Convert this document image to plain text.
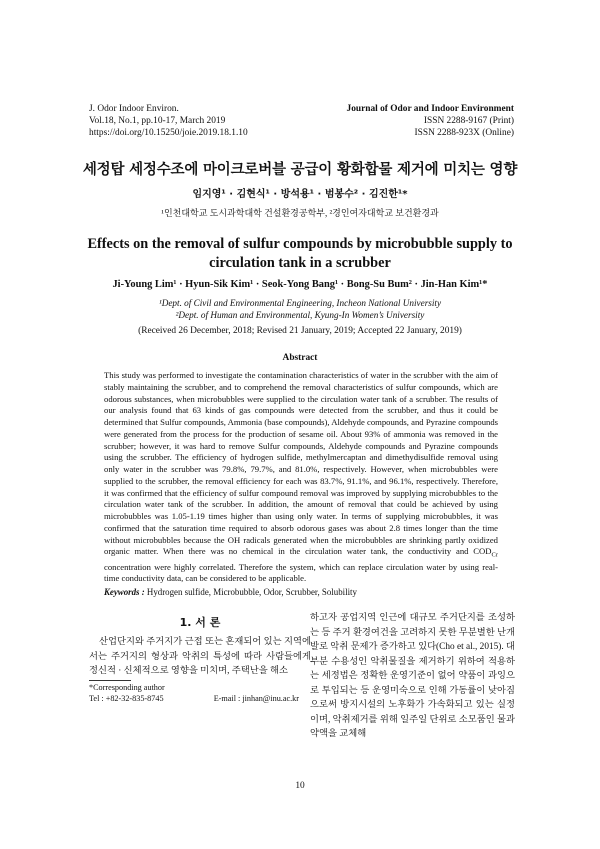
J. Odor Indoor Environ.
Vol.18, No.1, pp.10-17, March 2019
https://doi.org/10.15250/joie.2019.18.1.10
Journal of Odor and Indoor Environment
ISSN 2288-9167 (Print)
ISSN 2288-923X (Online)
세정탑 세정수조에 마이크로버블 공급이 황화합물 제거에 미치는 영향
임지영¹ · 김현식¹ · 방석용¹ · 범봉수² · 김진한¹*
¹인천대학교 도시과학대학 건설환경공학부, ²경인여자대학교 보건환경과
Effects on the removal of sulfur compounds by microbubble supply to circulation tank in a scrubber
Ji-Young Lim¹ · Hyun-Sik Kim¹ · Seok-Yong Bang¹ · Bong-Su Bum² · Jin-Han Kim¹*
¹Dept. of Civil and Environmental Engineering, Incheon National University
²Dept. of Human and Environmental, Kyung-In Women’s University
(Received 26 December, 2018; Revised 21 January, 2019; Accepted 22 January, 2019)
Abstract
This study was performed to investigate the contamination characteristics of water in the scrubber with the aim of stably maintaining the scrubber, and to comprehend the removal characteristics of sulfur compounds, which are odorous substances, when microbubbles were supplied to the circulation water tank of a scrubber. The results of our analysis found that 63 kinds of gas compounds were detected from the scrubber, and thus it could be determined that Sulfur compounds, Ammonia (base compounds), Aldehyde compounds, and Pyrazine compounds were generated from the process for the production of sesame oil. About 93% of ammonia was removed in the scrubber; however, it was hard to remove Sulfur compounds, Aldehyde compounds and Pyrazine compounds using the scrubber. The efficiency of hydrogen sulfide, methylmercaptan and dimethydisulfide removal using only water in the scrubber was 79.8%, 79.7%, and 81.0%, respectively. However, when microbubbles were supplied to the scrubber, the removal efficiency for each was 83.7%, 91.1%, and 96.1%, respectively. Therefore, it was confirmed that the efficiency of sulfur compound removal was improved by supplying microbubbles to the circulation water tank of the scrubber. In addition, the amount of removal that could be achieved by using microbubbles was 1.05-1.19 times higher than using only water. In terms of supplying microbubbles, it was confirmed that the saturation time required to absorb odorous gases was about 2.8 times longer than the time without microbubbles because the OH radicals generated when the microbubbles are shrinking partly oxidized organic matter. When there was no chemical in the circulation water tank, the conductivity and $COD_{Cr}$ concentration were highly correlated. Therefore the system, which can replace circulation water by using real-time conductivity data, can be considered to be applicable.
Keywords : Hydrogen sulfide, Microbubble, Odor, Scrubber, Solubility
1. 서 론
산업단지와 주거지가 근접 또는 혼재되어 있는 지역에서는 주거지의 형상과 악취의 특성에 따라 사람들에게 정신적 · 신체적으로 영향을 미치며, 주택난을 해소
하고자 공업지역 인근에 대규모 주거단지를 조성하는 등 주거 환경여건을 고려하지 못한 무분별한 난개발로 악취 문제가 증가하고 있다(Cho et al., 2015). 대부분 수용성인 악취물질을 제거하기 위하여 적용하는 세정법은 정확한 운영기준이 없어 약품이 과잉으로 투입되는 등 운영미숙으로 인해 가동률이 낮아짐으로써 방지시설의 노후화가 가속화되고 있는 실정이며, 악취제거를 위해 일주일 단위로 소모품인 물과 약액을 교체해
*Corresponding author
Tel : +82-32-835-8745	E-mail : jinhan@inu.ac.kr
10
